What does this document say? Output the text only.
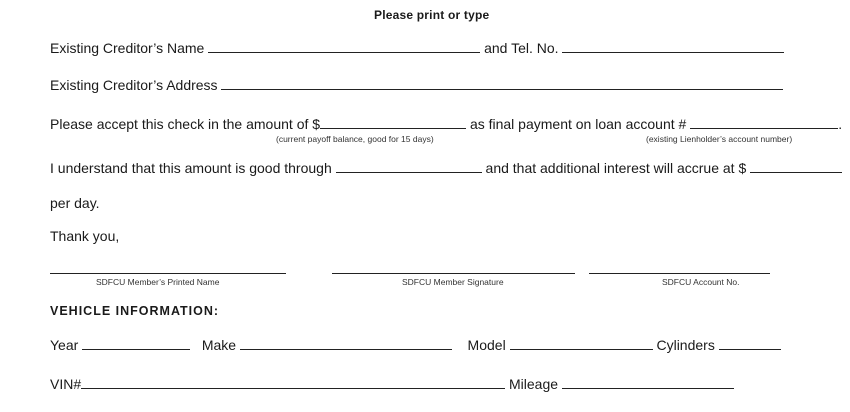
Please print or type
Existing Creditor’s Name	and Tel. No.
Existing Creditor’s Address
Please accept this check in the amount of $	as final payment on loan account #	.
(current payoff balance, good for 15 days)	(existing Lienholder’s account number)
I understand that this amount is good through	and that additional interest will accrue at $
per day.
Thank you,
SDFCU Member’s Printed Name	SDFCU Member Signature	SDFCU Account No.
VEHICLE INFORMATION:
Year	Make	Model	Cylinders
VIN#	Mileage
